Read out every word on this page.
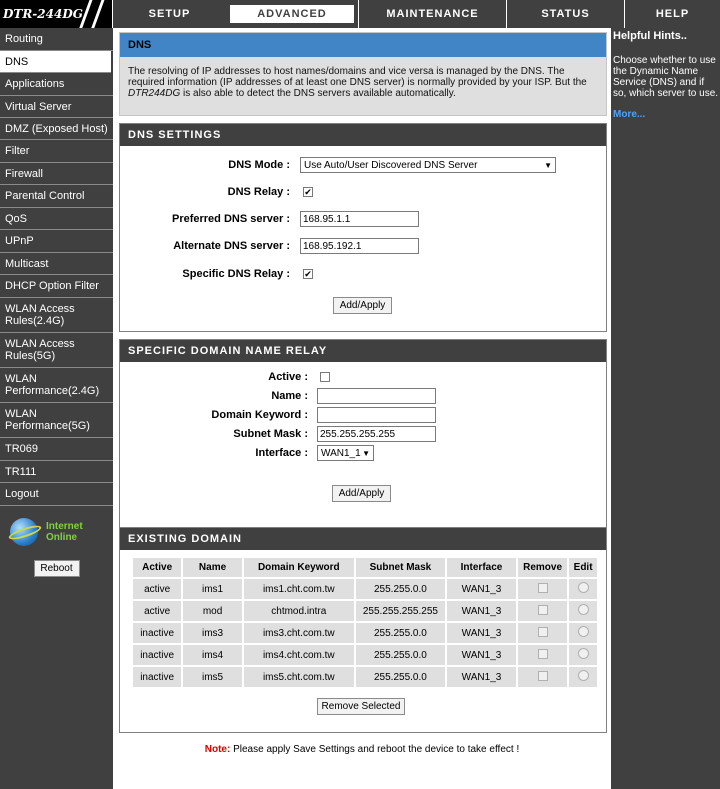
DTR-244DG	SETUP	ADVANCED	MAINTENANCE	STATUS	HELP
Routing
DNS
Applications
Virtual Server
DMZ (Exposed Host)
Filter
Firewall
Parental Control
QoS
UPnP
Multicast
DHCP Option Filter
WLAN Access Rules(2.4G)
WLAN Access Rules(5G)
WLAN Performance(2.4G)
WLAN Performance(5G)
TR069
TR111
Logout
Internet
Online
Reboot
DNS
The resolving of IP addresses to host names/domains and vice versa is managed by the DNS. The required information (IP addresses of at least one DNS server) is normally provided by your ISP. But the DTR244DG is also able to detect the DNS servers available automatically.
DNS SETTINGS
DNS Mode : Use Auto/User Discovered DNS Server	▼
DNS Relay : ✔
Preferred DNS server :
168.95.1.1
Alternate DNS server :
168.95.192.1
Specific DNS Relay : ✔
Add/Apply
SPECIFIC DOMAIN NAME RELAY
Active :
Name :
Domain Keyword :
Subnet Mask :
255.255.255.255
Interface : WAN1_1 ▼
Add/Apply
EXISTING DOMAIN
Active	Name	Domain Keyword	Subnet Mask	Interface	Remove	Edit
active	ims1	ims1.cht.com.tw	255.255.0.0	WAN1_3		
active	mod	chtmod.intra	255.255.255.255	WAN1_3		
inactive	ims3	ims3.cht.com.tw	255.255.0.0	WAN1_3		
inactive	ims4	ims4.cht.com.tw	255.255.0.0	WAN1_3		
inactive	ims5	ims5.cht.com.tw	255.255.0.0	WAN1_3		
Remove Selected
Note: Please apply Save Settings and reboot the device to take effect !
Helpful Hints..
Choose whether to use the Dynamic Name Service (DNS) and if so, which server to use.
More...
